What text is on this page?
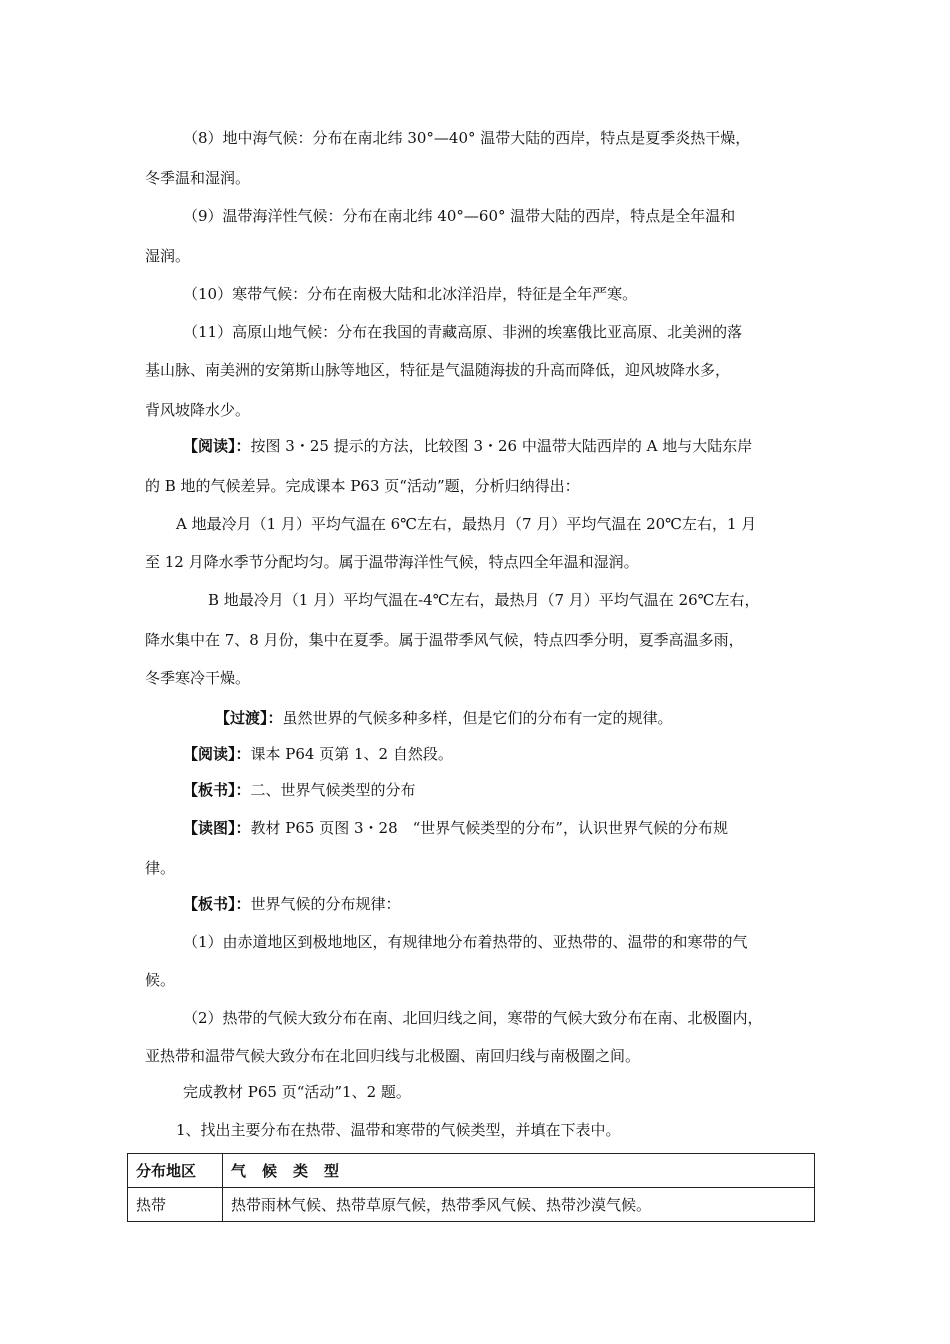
（8）地中海气候：分布在南北纬 30°—40° 温带大陆的西岸，特点是夏季炎热干燥，
冬季温和湿润。
（9）温带海洋性气候：分布在南北纬 40°—60° 温带大陆的西岸，特点是全年温和
湿润。
（10）寒带气候：分布在南极大陆和北冰洋沿岸，特征是全年严寒。
（11）高原山地气候：分布在我国的青藏高原、非洲的埃塞俄比亚高原、北美洲的落
基山脉、南美洲的安第斯山脉等地区，特征是气温随海拔的升高而降低，迎风坡降水多，
背风坡降水少。
【阅读】：按图 3・25 提示的方法，比较图 3・26 中温带大陆西岸的 A 地与大陆东岸
的 B 地的气候差异。完成课本 P63 页“活动”题，分析归纳得出：
A 地最冷月（1 月）平均气温在 6℃左右，最热月（7 月）平均气温在 20℃左右，1 月
至 12 月降水季节分配均匀。属于温带海洋性气候，特点四全年温和湿润。
B 地最冷月（1 月）平均气温在-4℃左右，最热月（7 月）平均气温在 26℃左右，
降水集中在 7、8 月份，集中在夏季。属于温带季风气候，特点四季分明，夏季高温多雨，
冬季寒冷干燥。
【过渡】：虽然世界的气候多种多样，但是它们的分布有一定的规律。
【阅读】：课本 P64 页第 1、2 自然段。
【板书】：二、世界气候类型的分布
【读图】：教材 P65 页图 3・28　“世界气候类型的分布”，认识世界气候的分布规
律。
【板书】：世界气候的分布规律：
（1）由赤道地区到极地地区，有规律地分布着热带的、亚热带的、温带的和寒带的气
候。
（2）热带的气候大致分布在南、北回归线之间，寒带的气候大致分布在南、北极圈内，
亚热带和温带气候大致分布在北回归线与北极圈、南回归线与南极圈之间。
完成教材 P65 页“活动”1、2 题。
1、找出主要分布在热带、温带和寒带的气候类型，并填在下表中。
分布地区	气候类型
热带	热带雨林气候、热带草原气候，热带季风气候、热带沙漠气候。
